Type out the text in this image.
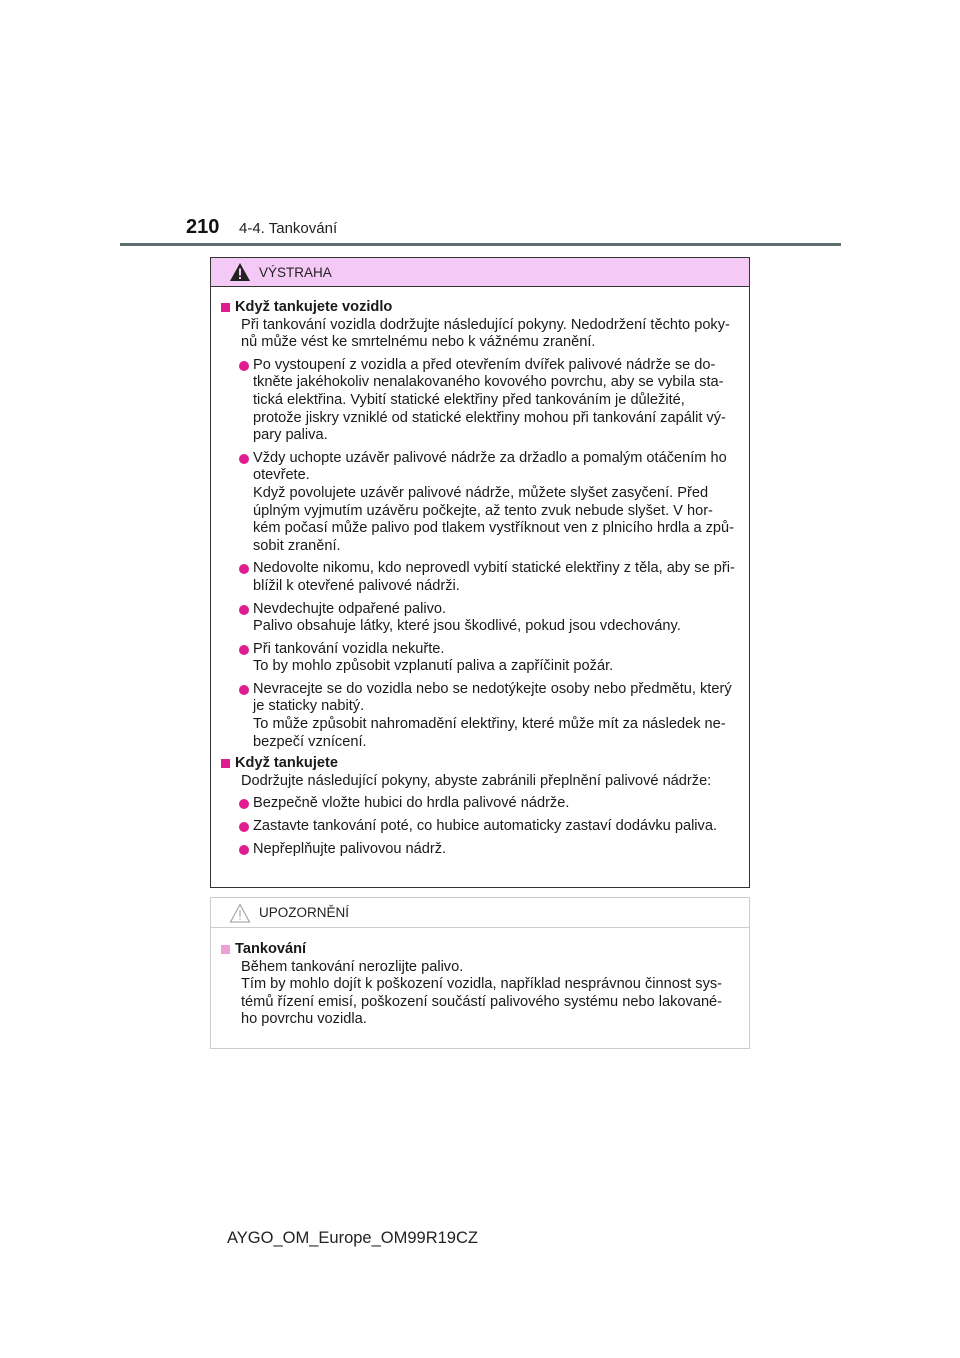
210 4-4. Tankování
VÝSTRAHA
Když tankujete vozidlo
Při tankování vozidla dodržujte následující pokyny. Nedodržení těchto poky-
nů může vést ke smrtelnému nebo k vážnému zranění.
Po vystoupení z vozidla a před otevřením dvířek palivové nádrže se do-
tkněte jakéhokoliv nenalakovaného kovového povrchu, aby se vybila sta-
tická elektřina. Vybití statické elektřiny před tankováním je důležité,
protože jiskry vzniklé od statické elektřiny mohou při tankování zapálit vý-
pary paliva.
Vždy uchopte uzávěr palivové nádrže za držadlo a pomalým otáčením ho
otevřete.
Když povolujete uzávěr palivové nádrže, můžete slyšet zasyčení. Před
úplným vyjmutím uzávěru počkejte, až tento zvuk nebude slyšet. V hor-
kém počasí může palivo pod tlakem vystříknout ven z plnicího hrdla a způ-
sobit zranění.
Nedovolte nikomu, kdo neprovedl vybití statické elektřiny z těla, aby se při-
blížil k otevřené palivové nádrži.
Nevdechujte odpařené palivo.
Palivo obsahuje látky, které jsou škodlivé, pokud jsou vdechovány.
Při tankování vozidla nekuřte.
To by mohlo způsobit vzplanutí paliva a zapříčinit požár.
Nevracejte se do vozidla nebo se nedotýkejte osoby nebo předmětu, který
je staticky nabitý.
To může způsobit nahromadění elektřiny, které může mít za následek ne-
bezpečí vznícení.
Když tankujete
Dodržujte následující pokyny, abyste zabránili přeplnění palivové nádrže:
Bezpečně vložte hubici do hrdla palivové nádrže.
Zastavte tankování poté, co hubice automaticky zastaví dodávku paliva.
Nepřeplňujte palivovou nádrž.
UPOZORNĚNÍ
Tankování
Během tankování nerozlijte palivo.
Tím by mohlo dojít k poškození vozidla, například nesprávnou činnost sys-
témů řízení emisí, poškození součástí palivového systému nebo lakované-
ho povrchu vozidla.
AYGO_OM_Europe_OM99R19CZ
